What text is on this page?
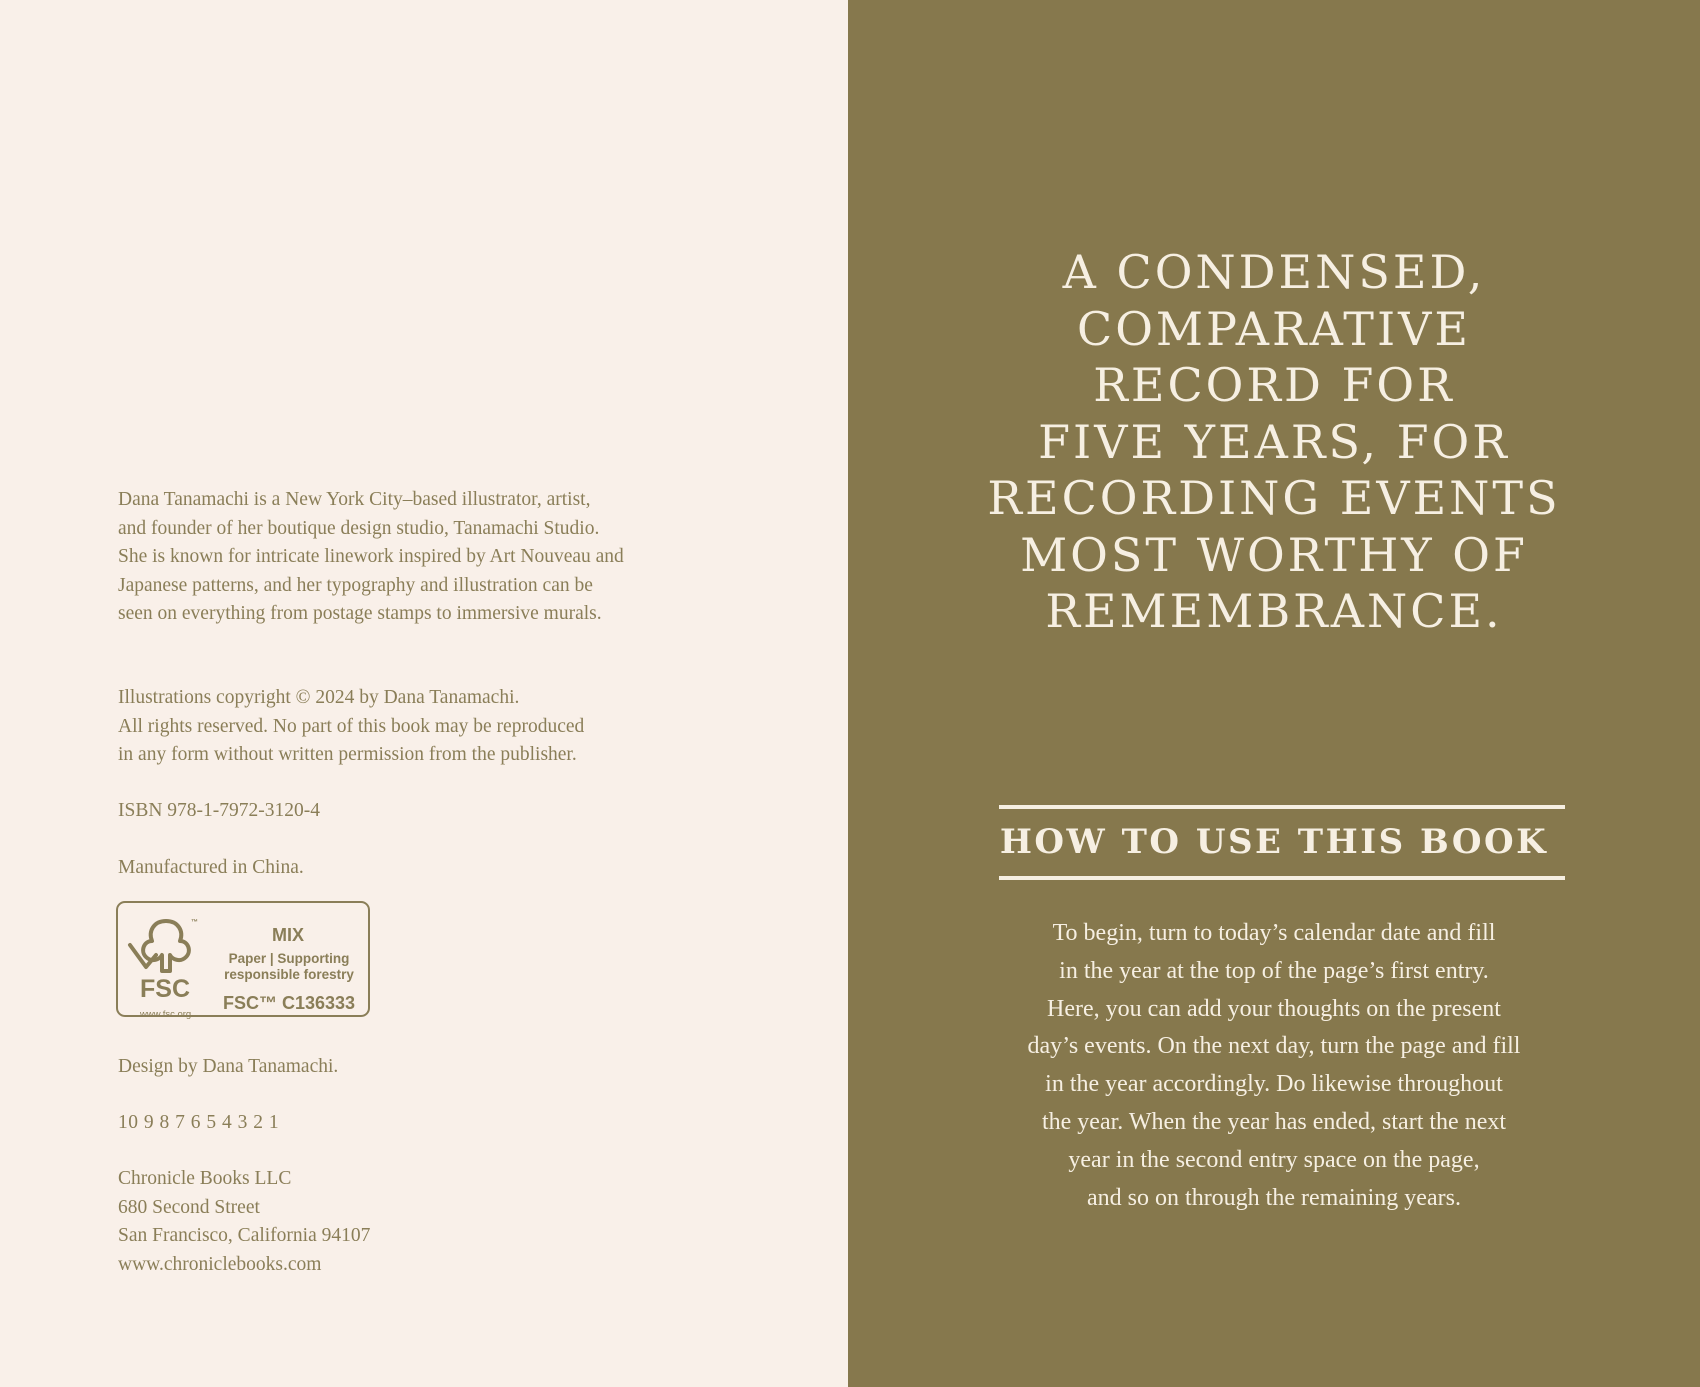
Dana Tanamachi is a New York City–based illustrator, artist,
and founder of her boutique design studio, Tanamachi Studio.
She is known for intricate linework inspired by Art Nouveau and
Japanese patterns, and her typography and illustration can be
seen on everything from postage stamps to immersive murals.

Illustrations copyright © 2024 by Dana Tanamachi.
All rights reserved. No part of this book may be reproduced
in any form without written permission from the publisher.

ISBN 978-1-7972-3120-4

Manufactured in China.

™
FSC
www.fsc.org
MIX
Paper | Supporting
responsible forestry
FSC™ C136333

Design by Dana Tanamachi.

10 9 8 7 6 5 4 3 2 1

Chronicle Books LLC
680 Second Street
San Francisco, California 94107
www.chroniclebooks.com

A CONDENSED,
COMPARATIVE
RECORD FOR
FIVE YEARS, FOR
RECORDING EVENTS
MOST WORTHY OF
REMEMBRANCE.
HOW TO USE THIS BOOK

To begin, turn to today’s calendar date and fill
in the year at the top of the page’s first entry.
Here, you can add your thoughts on the present
day’s events. On the next day, turn the page and fill
in the year accordingly. Do likewise throughout
the year. When the year has ended, start the next
year in the second entry space on the page,
and so on through the remaining years.
